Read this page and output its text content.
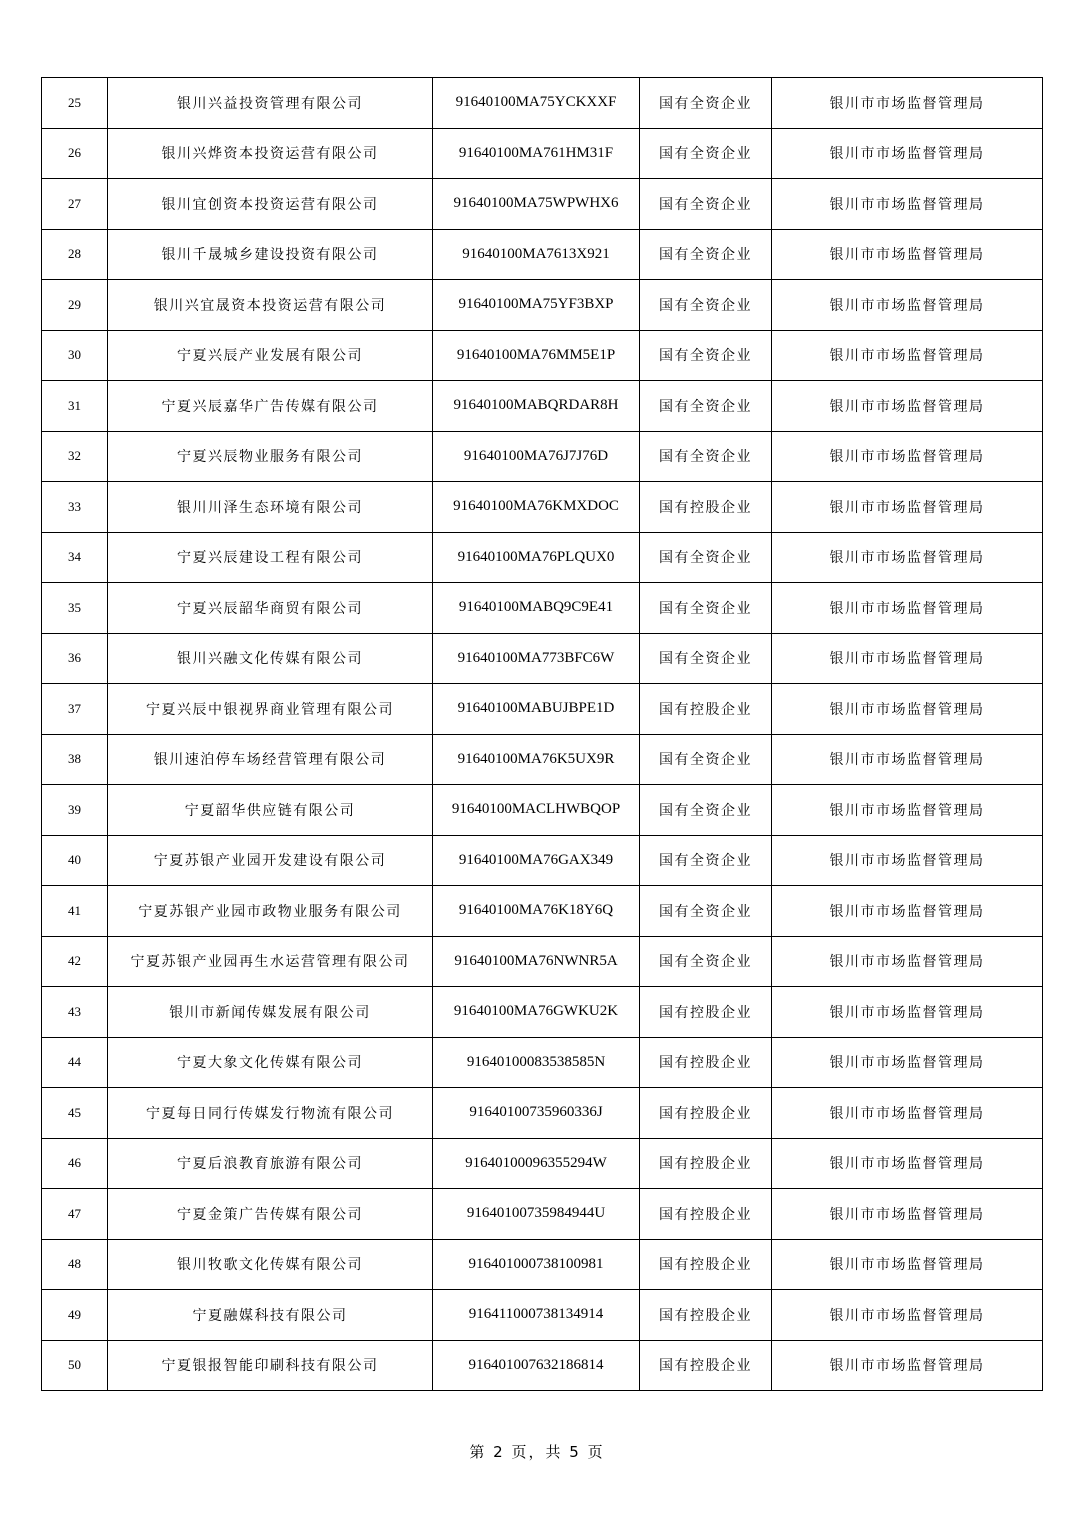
25	银川兴益投资管理有限公司	91640100MA75YCKXXF	国有全资企业	银川市市场监督管理局
26	银川兴烨资本投资运营有限公司	91640100MA761HM31F	国有全资企业	银川市市场监督管理局
27	银川宜创资本投资运营有限公司	91640100MA75WPWHX6	国有全资企业	银川市市场监督管理局
28	银川千晟城乡建设投资有限公司	91640100MA7613X921	国有全资企业	银川市市场监督管理局
29	银川兴宜晟资本投资运营有限公司	91640100MA75YF3BXP	国有全资企业	银川市市场监督管理局
30	宁夏兴辰产业发展有限公司	91640100MA76MM5E1P	国有全资企业	银川市市场监督管理局
31	宁夏兴辰嘉华广告传媒有限公司	91640100MABQRDAR8H	国有全资企业	银川市市场监督管理局
32	宁夏兴辰物业服务有限公司	91640100MA76J7J76D	国有全资企业	银川市市场监督管理局
33	银川川泽生态环境有限公司	91640100MA76KMXDOC	国有控股企业	银川市市场监督管理局
34	宁夏兴辰建设工程有限公司	91640100MA76PLQUX0	国有全资企业	银川市市场监督管理局
35	宁夏兴辰韶华商贸有限公司	91640100MABQ9C9E41	国有全资企业	银川市市场监督管理局
36	银川兴融文化传媒有限公司	91640100MA773BFC6W	国有全资企业	银川市市场监督管理局
37	宁夏兴辰中银视界商业管理有限公司	91640100MABUJBPE1D	国有控股企业	银川市市场监督管理局
38	银川速泊停车场经营管理有限公司	91640100MA76K5UX9R	国有全资企业	银川市市场监督管理局
39	宁夏韶华供应链有限公司	91640100MACLHWBQOP	国有全资企业	银川市市场监督管理局
40	宁夏苏银产业园开发建设有限公司	91640100MA76GAX349	国有全资企业	银川市市场监督管理局
41	宁夏苏银产业园市政物业服务有限公司	91640100MA76K18Y6Q	国有全资企业	银川市市场监督管理局
42	宁夏苏银产业园再生水运营管理有限公司	91640100MA76NWNR5A	国有全资企业	银川市市场监督管理局
43	银川市新闻传媒发展有限公司	91640100MA76GWKU2K	国有控股企业	银川市市场监督管理局
44	宁夏大象文化传媒有限公司	91640100083538585N	国有控股企业	银川市市场监督管理局
45	宁夏每日同行传媒发行物流有限公司	91640100735960336J	国有控股企业	银川市市场监督管理局
46	宁夏后浪教育旅游有限公司	91640100096355294W	国有控股企业	银川市市场监督管理局
47	宁夏金策广告传媒有限公司	91640100735984944U	国有控股企业	银川市市场监督管理局
48	银川牧歌文化传媒有限公司	916401000738100981	国有控股企业	银川市市场监督管理局
49	宁夏融媒科技有限公司	916411000738134914	国有控股企业	银川市市场监督管理局
50	宁夏银报智能印刷科技有限公司	916401007632186814	国有控股企业	银川市市场监督管理局
第 2 页，共 5 页
